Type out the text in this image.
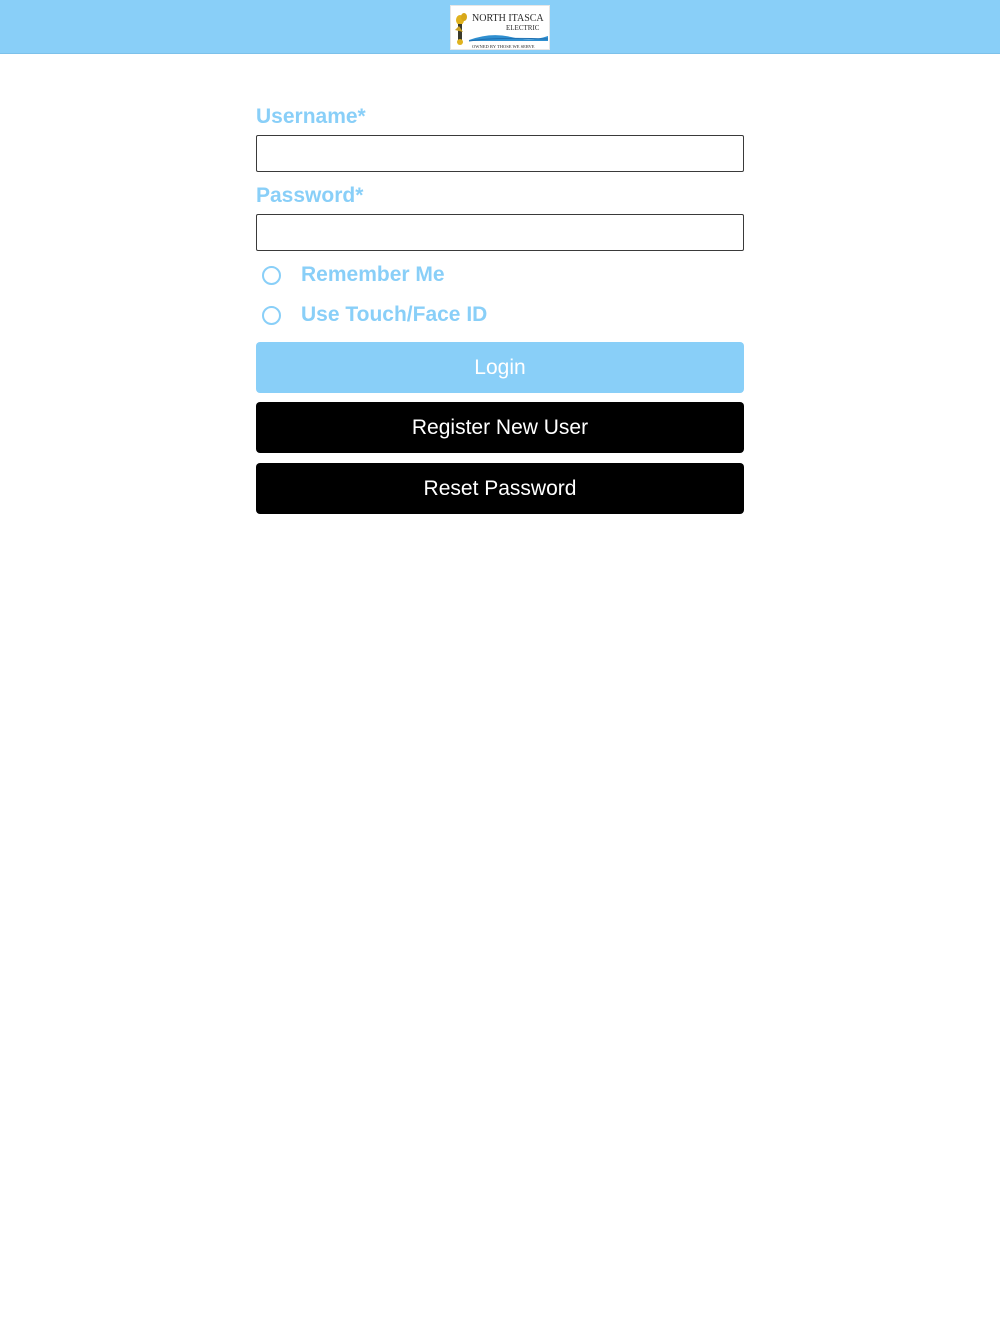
NORTH ITASCA
ELECTRIC
OWNED BY THOSE WE SERVE
Username*
Password*
Remember Me
Use Touch/Face ID
Login
Register New User
Reset Password
